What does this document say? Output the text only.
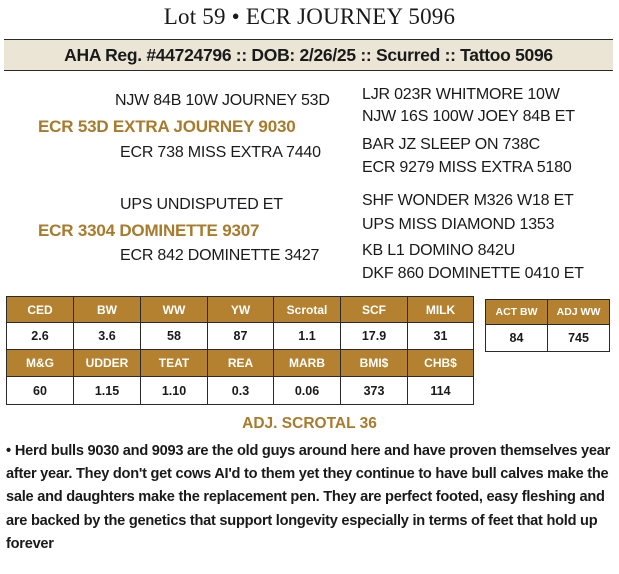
Lot 59 • ECR JOURNEY 5096
AHA Reg. #44724796 :: DOB: 2/26/25 :: Scurred :: Tattoo 5096
NJW 84B 10W JOURNEY 53D
ECR 53D EXTRA JOURNEY 9030
ECR 738 MISS EXTRA 7440
UPS UNDISPUTED ET
ECR 3304 DOMINETTE 9307
ECR 842 DOMINETTE 3427
LJR 023R WHITMORE 10W
NJW 16S 100W JOEY 84B ET
BAR JZ SLEEP ON 738C
ECR 9279 MISS EXTRA 5180
SHF WONDER M326 W18 ET
UPS MISS DIAMOND 1353
KB L1 DOMINO 842U
DKF 860 DOMINETTE 0410 ET
CED	BW	WW	YW	Scrotal	SCF	MILK
2.6	3.6	58	87	1.1	17.9	31
M&G	UDDER	TEAT	REA	MARB	BMI$	CHB$
60	1.15	1.10	0.3	0.06	373	114
ACT BW	ADJ WW
84	745
ADJ. SCROTAL 36
• Herd bulls 9030 and 9093 are the old guys around here and have proven themselves year after year. They don't get cows AI'd to them yet they continue to have bull calves make the sale and daughters make the replacement pen. They are perfect footed, easy fleshing and are backed by the genetics that support longevity especially in terms of feet that hold up forever
